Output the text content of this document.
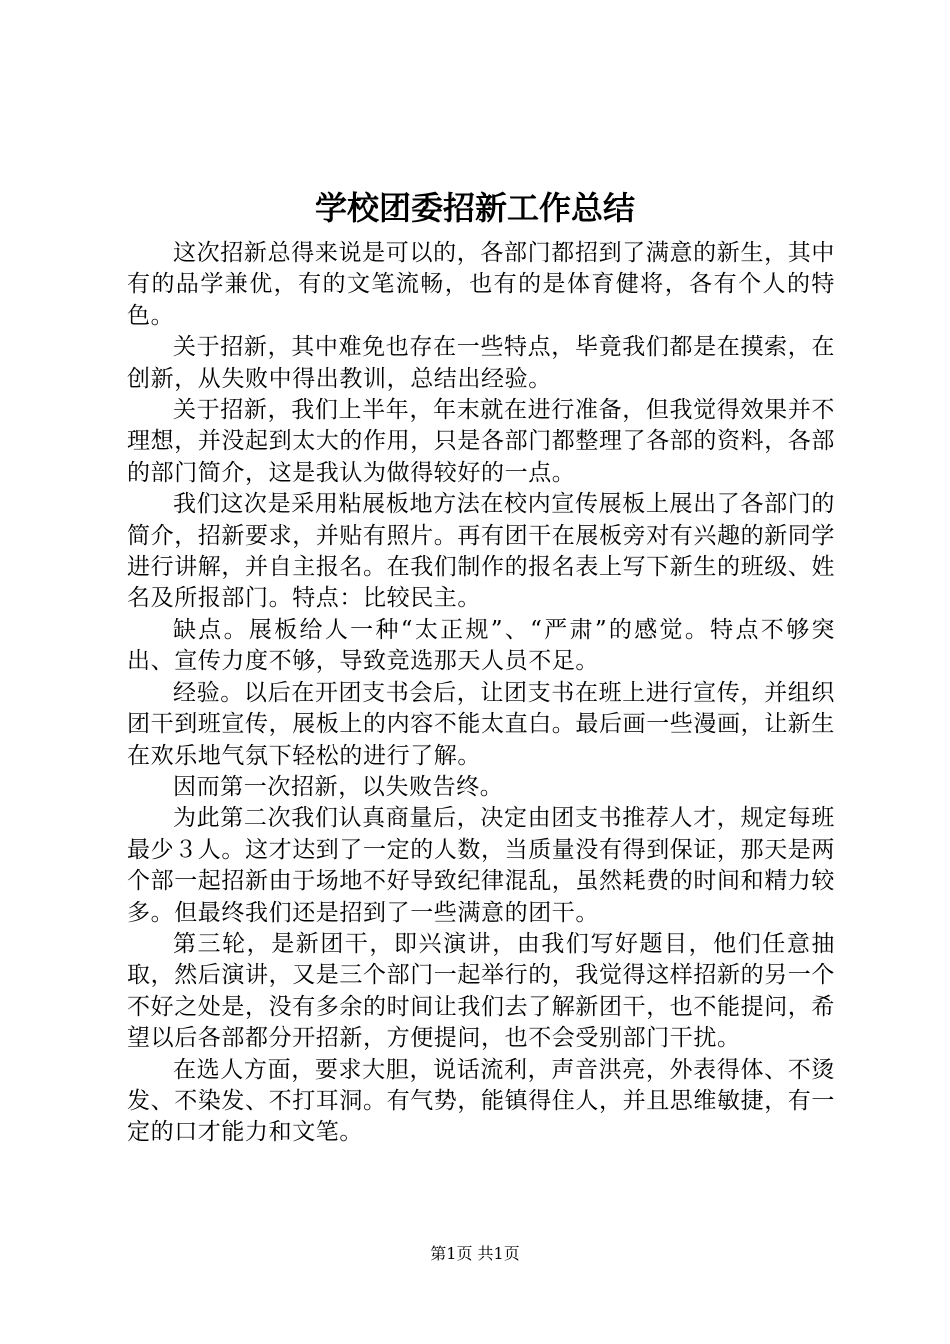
学校团委招新工作总结

这次招新总得来说是可以的，各部门都招到了满意的新生，其中有的品学兼优，有的文笔流畅，也有的是体育健将，各有个人的特色。

关于招新，其中难免也存在一些特点，毕竟我们都是在摸索，在创新，从失败中得出教训，总结出经验。

关于招新，我们上半年，年末就在进行准备，但我觉得效果并不理想，并没起到太大的作用，只是各部门都整理了各部的资料，各部的部门简介，这是我认为做得较好的一点。

我们这次是采用粘展板地方法在校内宣传展板上展出了各部门的简介，招新要求，并贴有照片。再有团干在展板旁对有兴趣的新同学进行讲解，并自主报名。在我们制作的报名表上写下新生的班级、姓名及所报部门。特点：比较民主。

缺点。展板给人一种“太正规”、“严肃”的感觉。特点不够突出、宣传力度不够，导致竞选那天人员不足。

经验。以后在开团支书会后，让团支书在班上进行宣传，并组织团干到班宣传，展板上的内容不能太直白。最后画一些漫画，让新生在欢乐地气氛下轻松的进行了解。

因而第一次招新，以失败告终。

为此第二次我们认真商量后，决定由团支书推荐人才，规定每班最少３人。这才达到了一定的人数，当质量没有得到保证，那天是两个部一起招新由于场地不好导致纪律混乱，虽然耗费的时间和精力较多。但最终我们还是招到了一些满意的团干。

第三轮，是新团干，即兴演讲，由我们写好题目，他们任意抽取，然后演讲，又是三个部门一起举行的，我觉得这样招新的另一个不好之处是，没有多余的时间让我们去了解新团干，也不能提问，希望以后各部都分开招新，方便提问，也不会受别部门干扰。

在选人方面，要求大胆，说话流利，声音洪亮，外表得体、不烫发、不染发、不打耳洞。有气势，能镇得住人，并且思维敏捷，有一定的口才能力和文笔。

第1页 共1页
